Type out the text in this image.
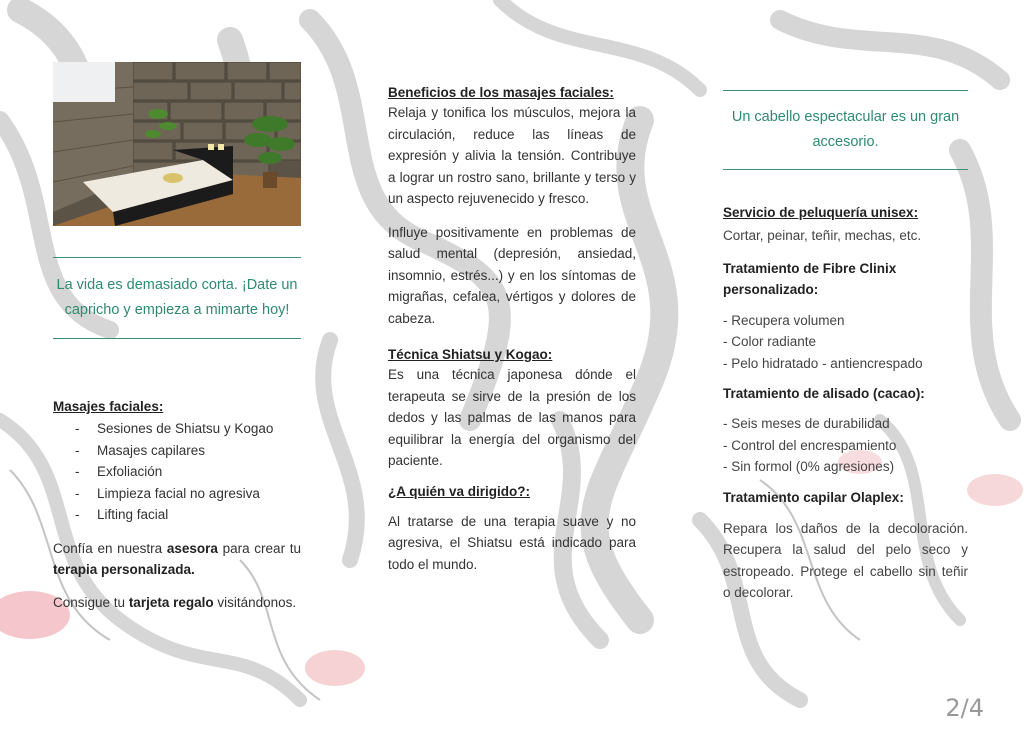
La vida es demasiado corta. ¡Date un capricho y empieza a mimarte hoy!

Masajes faciales:

- Sesiones de Shiatsu y Kogao
- Masajes capilares
- Exfoliación
- Limpieza facial no agresiva
- Lifting facial

Confía en nuestra asesora para crear tu terapia personalizada.

Consigue tu tarjeta regalo visitándonos.

Beneficios de los masajes faciales:

Relaja y tonifica los músculos, mejora la circulación, reduce las líneas de expresión y alivia la tensión. Contribuye a lograr un rostro sano, brillante y terso y un aspecto rejuvenecido y fresco.

Influye positivamente en problemas de salud mental (depresión, ansiedad, insomnio, estrés...) y en los síntomas de migrañas, cefalea, vértigos y dolores de cabeza.

Técnica Shiatsu y Kogao:

Es una técnica japonesa dónde el terapeuta se sirve de la presión de los dedos y las palmas de las manos para equilibrar la energía del organismo del paciente.

¿A quién va dirigido?:

Al tratarse de una terapia suave y no agresiva, el Shiatsu está indicado para todo el mundo.

Un cabello espectacular es un gran accesorio.

Servicio de peluquería unisex:

Cortar, peinar, teñir, mechas, etc.

Tratamiento de Fibre Clinix personalizado:

- Recupera volumen
- Color radiante
- Pelo hidratado - antiencrespado

Tratamiento de alisado (cacao):

- Seis meses de durabilidad
- Control del encrespamiento
- Sin formol (0% agresiones)

Tratamiento capilar Olaplex:

Repara los daños de la decoloración. Recupera la salud del pelo seco y estropeado. Protege el cabello sin teñir o decolorar.

2/4
